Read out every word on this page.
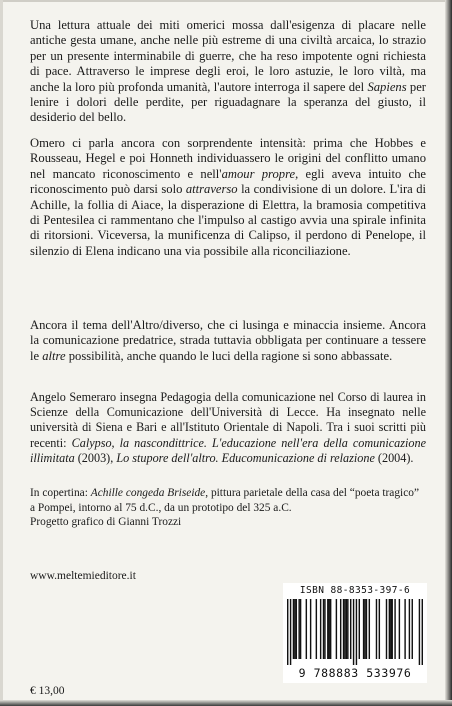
Una lettura attuale dei miti omerici mossa dall'esigenza di placare nelle antiche gesta umane, anche nelle più estreme di una civiltà arcaica, lo strazio per un presente interminabile di guerre, che ha reso impotente ogni richiesta di pace. Attraverso le imprese degli eroi, le loro astuzie, le loro viltà, ma anche la loro più profonda umanità, l'autore interroga il sapere del Sapiens per lenire i dolori delle perdite, per riguadagnare la speranza del giusto, il desiderio del bello.
Omero ci parla ancora con sorprendente intensità: prima che Hobbes e Rousseau, Hegel e poi Honneth individuassero le origini del conflitto umano nel mancato riconoscimento e nell'amour propre, egli aveva intuito che riconoscimento può darsi solo attraverso la condivisione di un dolore. L'ira di Achille, la follia di Aiace, la disperazione di Elettra, la bramosia competitiva di Pentesilea ci rammentano che l'impulso al castigo avvia una spirale infinita di ritorsioni. Viceversa, la munificenza di Calipso, il perdono di Penelope, il silenzio di Elena indicano una via possibile alla riconciliazione.
Ancora il tema dell'Altro/diverso, che ci lusinga e minaccia insieme. Ancora la comunicazione predatrice, strada tuttavia obbligata per continuare a tessere le altre possibilità, anche quando le luci della ragione si sono abbassate.
Angelo Semeraro insegna Pedagogia della comunicazione nel Corso di laurea in Scienze della Comunicazione dell'Università di Lecce. Ha insegnato nelle università di Siena e Bari e all'Istituto Orientale di Napoli. Tra i suoi scritti più recenti: Calypso, la nascondittrice. L'educazione nell'era della comunicazione illimitata (2003), Lo stupore dell'altro. Educomunicazione di relazione (2004).
In copertina: Achille congeda Briseide, pittura parietale della casa del “poeta tragico” a Pompei, intorno al 75 d.C., da un prototipo del 325 a.C.
Progetto grafico di Gianni Trozzi
www.meltemieditore.it
€ 13,00
ISBN 88-8353-397-6
9 788883 533976
